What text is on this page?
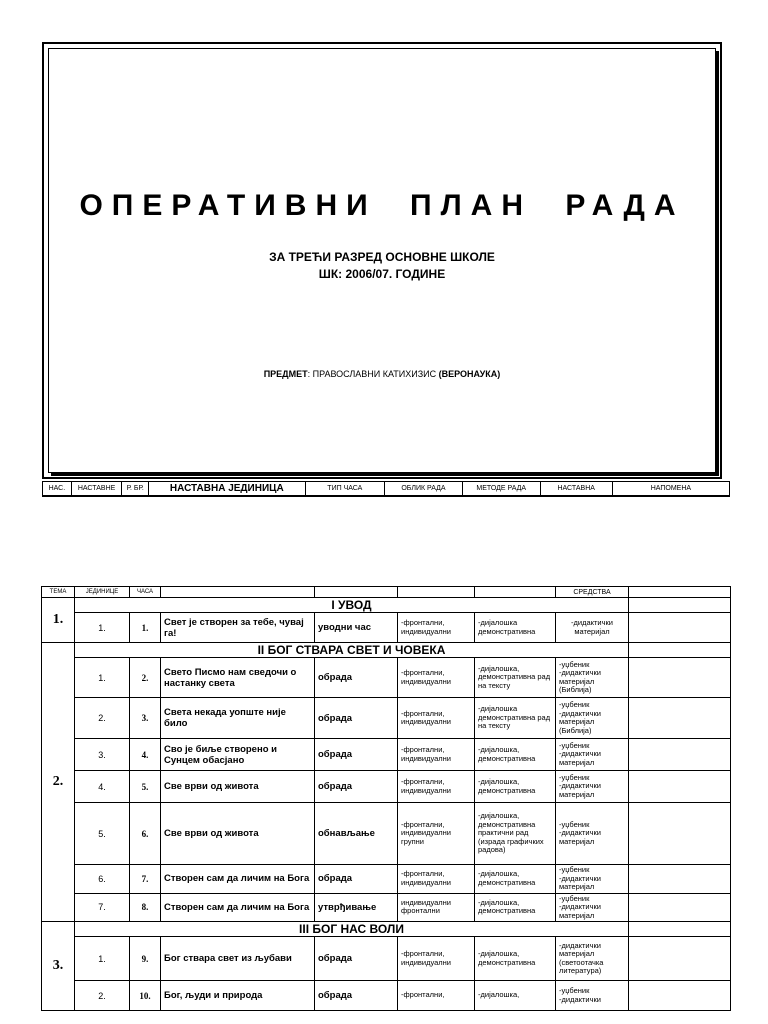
ОПЕРАТИВНИ ПЛАН РАДА
ЗА ТРЕЋИ РАЗРЕД ОСНОВНЕ ШКОЛЕ
ШК: 2006/07. ГОДИНЕ
ПРЕДМЕТ: ПРАВОСЛАВНИ КАТИХИЗИС (ВЕРОНАУКА)
НАС.	НАСТАВНЕ	Р. БР.	НАСТАВНА ЈЕДИНИЦА	ТИП ЧАСА	ОБЛИК РАДА	МЕТОДЕ РАДА	НАСТАВНА	НАПОМЕНА
ТЕМА	ЈЕДИНИЦЕ	ЧАСА					СРЕДСТВА	
1.	I УВОД							
	1.	1.	Свет је створен за тебе, чувај га!	уводни час	-фронтални, индивидуални	-дијалошка демонстративна	-дидактички материјал	
2.	II БОГ СТВАРА СВЕТ И ЧОВЕКА							
	1.	2.	Свето Писмо нам сведочи о настанку света	обрада	-фронтални, индивидуални	-дијалошка, демонстративна рад на тексту	-уџбеник -дидактички материјал (Библија)	
	2.	3.	Света некада уопште није било	обрада	-фронтални, индивидуални	-дијалошка демонстративна рад на тексту	-уџбеник -дидактички материјал (Библија)	
	3.	4.	Сво је биље створено и Сунцем обасјано	обрада	-фронтални, индивидуални	-дијалошка, демонстративна	-уџбеник -дидактички материјал	
	4.	5.	Све врви од живота	обрада	-фронтални, индивидуални	-дијалошка, демонстративна	-уџбеник -дидактички материјал	
	5.	6.	Све врви од живота	обнављање	-фронтални, индивидуални групни	-дијалошка, демонстративна практични рад (израда графичких радова)	-уџбеник -дидактички материјал	
	6.	7.	Створен сам да личим на Бога	обрада	-фронтални, индивидуални	-дијалошка, демонстративна	-уџбеник -дидактички материјал	
	7.	8.	Створен сам да личим на Бога	утврђивање	индивидуални фронтални	-дијалошка, демонстративна	-уџбеник -дидактички материјал	
3.	III БОГ НАС ВОЛИ							
	1.	9.	Бог ствара свет из љубави	обрада	-фронтални, индивидуални	-дијалошка, демонстративна	-дидактички материјал (светоотачка литература)	
	2.	10.	Бог, људи и природа	обрада	-фронтални,	-дијалошка,	-уџбеник -дидактички	
